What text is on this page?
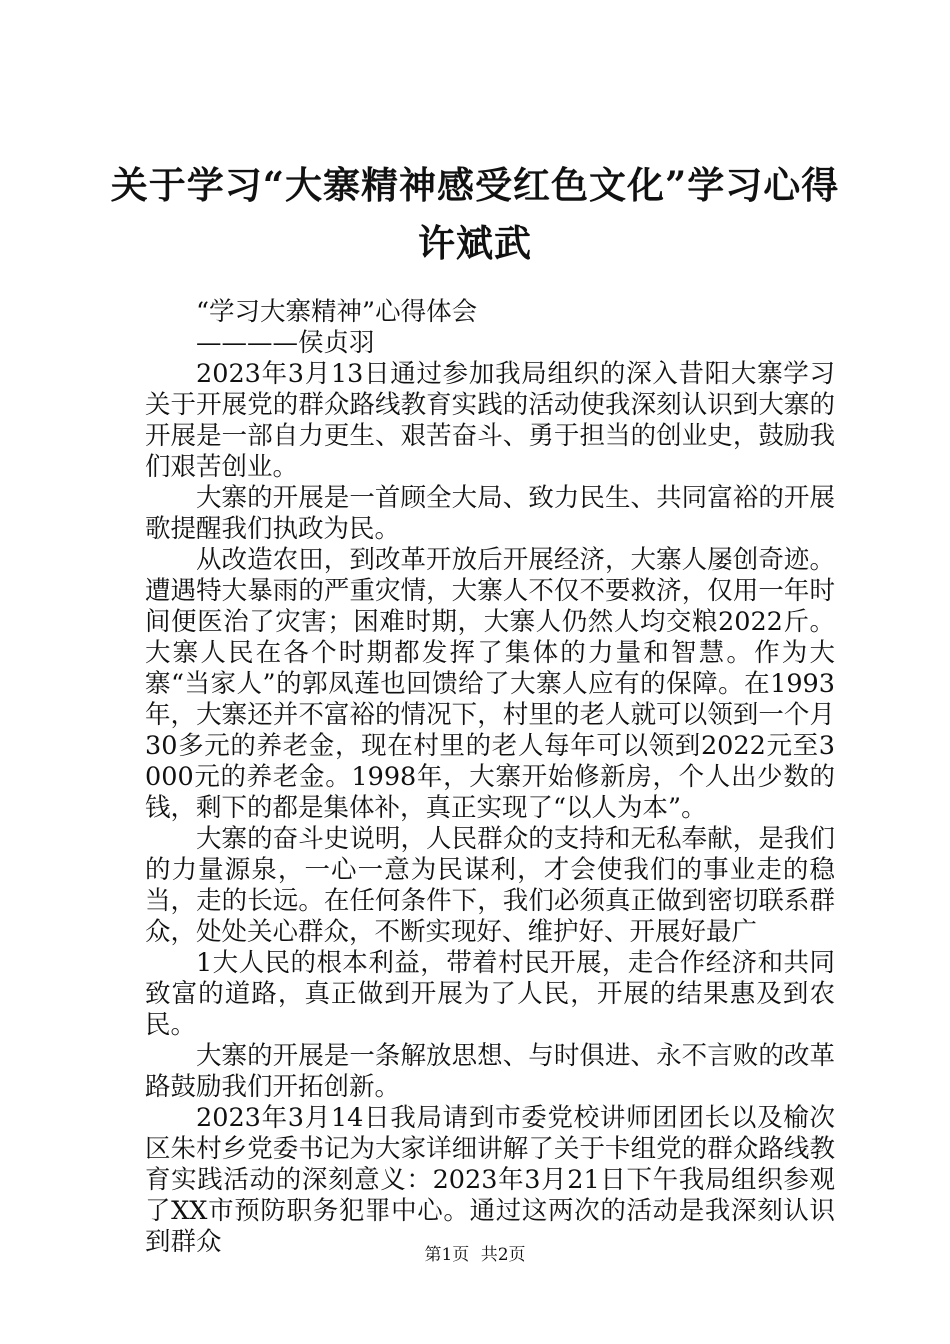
关于学习“大寨精神感受红色文化”学习心得
许斌武

“学习大寨精神”心得体会

————侯贞羽

2023年3月13日通过参加我局组织的深入昔阳大寨学习关于开展党的群众路线教育实践的活动使我深刻认识到大寨的开展是一部自力更生、艰苦奋斗、勇于担当的创业史，鼓励我们艰苦创业。

大寨的开展是一首顾全大局、致力民生、共同富裕的开展歌提醒我们执政为民。

从改造农田，到改革开放后开展经济，大寨人屡创奇迹。遭遇特大暴雨的严重灾情，大寨人不仅不要救济，仅用一年时间便医治了灾害；困难时期，大寨人仍然人均交粮2022斤。大寨人民在各个时期都发挥了集体的力量和智慧。作为大寨“当家人”的郭凤莲也回馈给了大寨人应有的保障。在1993年，大寨还并不富裕的情况下，村里的老人就可以领到一个月30多元的养老金，现在村里的老人每年可以领到2022元至3000元的养老金。1998年，大寨开始修新房，个人出少数的钱，剩下的都是集体补，真正实现了“以人为本”。

大寨的奋斗史说明，人民群众的支持和无私奉献，是我们的力量源泉，一心一意为民谋利，才会使我们的事业走的稳当，走的长远。在任何条件下，我们必须真正做到密切联系群众，处处关心群众，不断实现好、维护好、开展好最广

1大人民的根本利益，带着村民开展，走合作经济和共同致富的道路，真正做到开展为了人民，开展的结果惠及到农民。

大寨的开展是一条解放思想、与时俱进、永不言败的改革路鼓励我们开拓创新。

2023年3月14日我局请到市委党校讲师团团长以及榆次区朱村乡党委书记为大家详细讲解了关于卡组党的群众路线教育实践活动的深刻意义：2023年3月21日下午我局组织参观了XX市预防职务犯罪中心。通过这两次的活动是我深刻认识到群众	第1页 共2页
